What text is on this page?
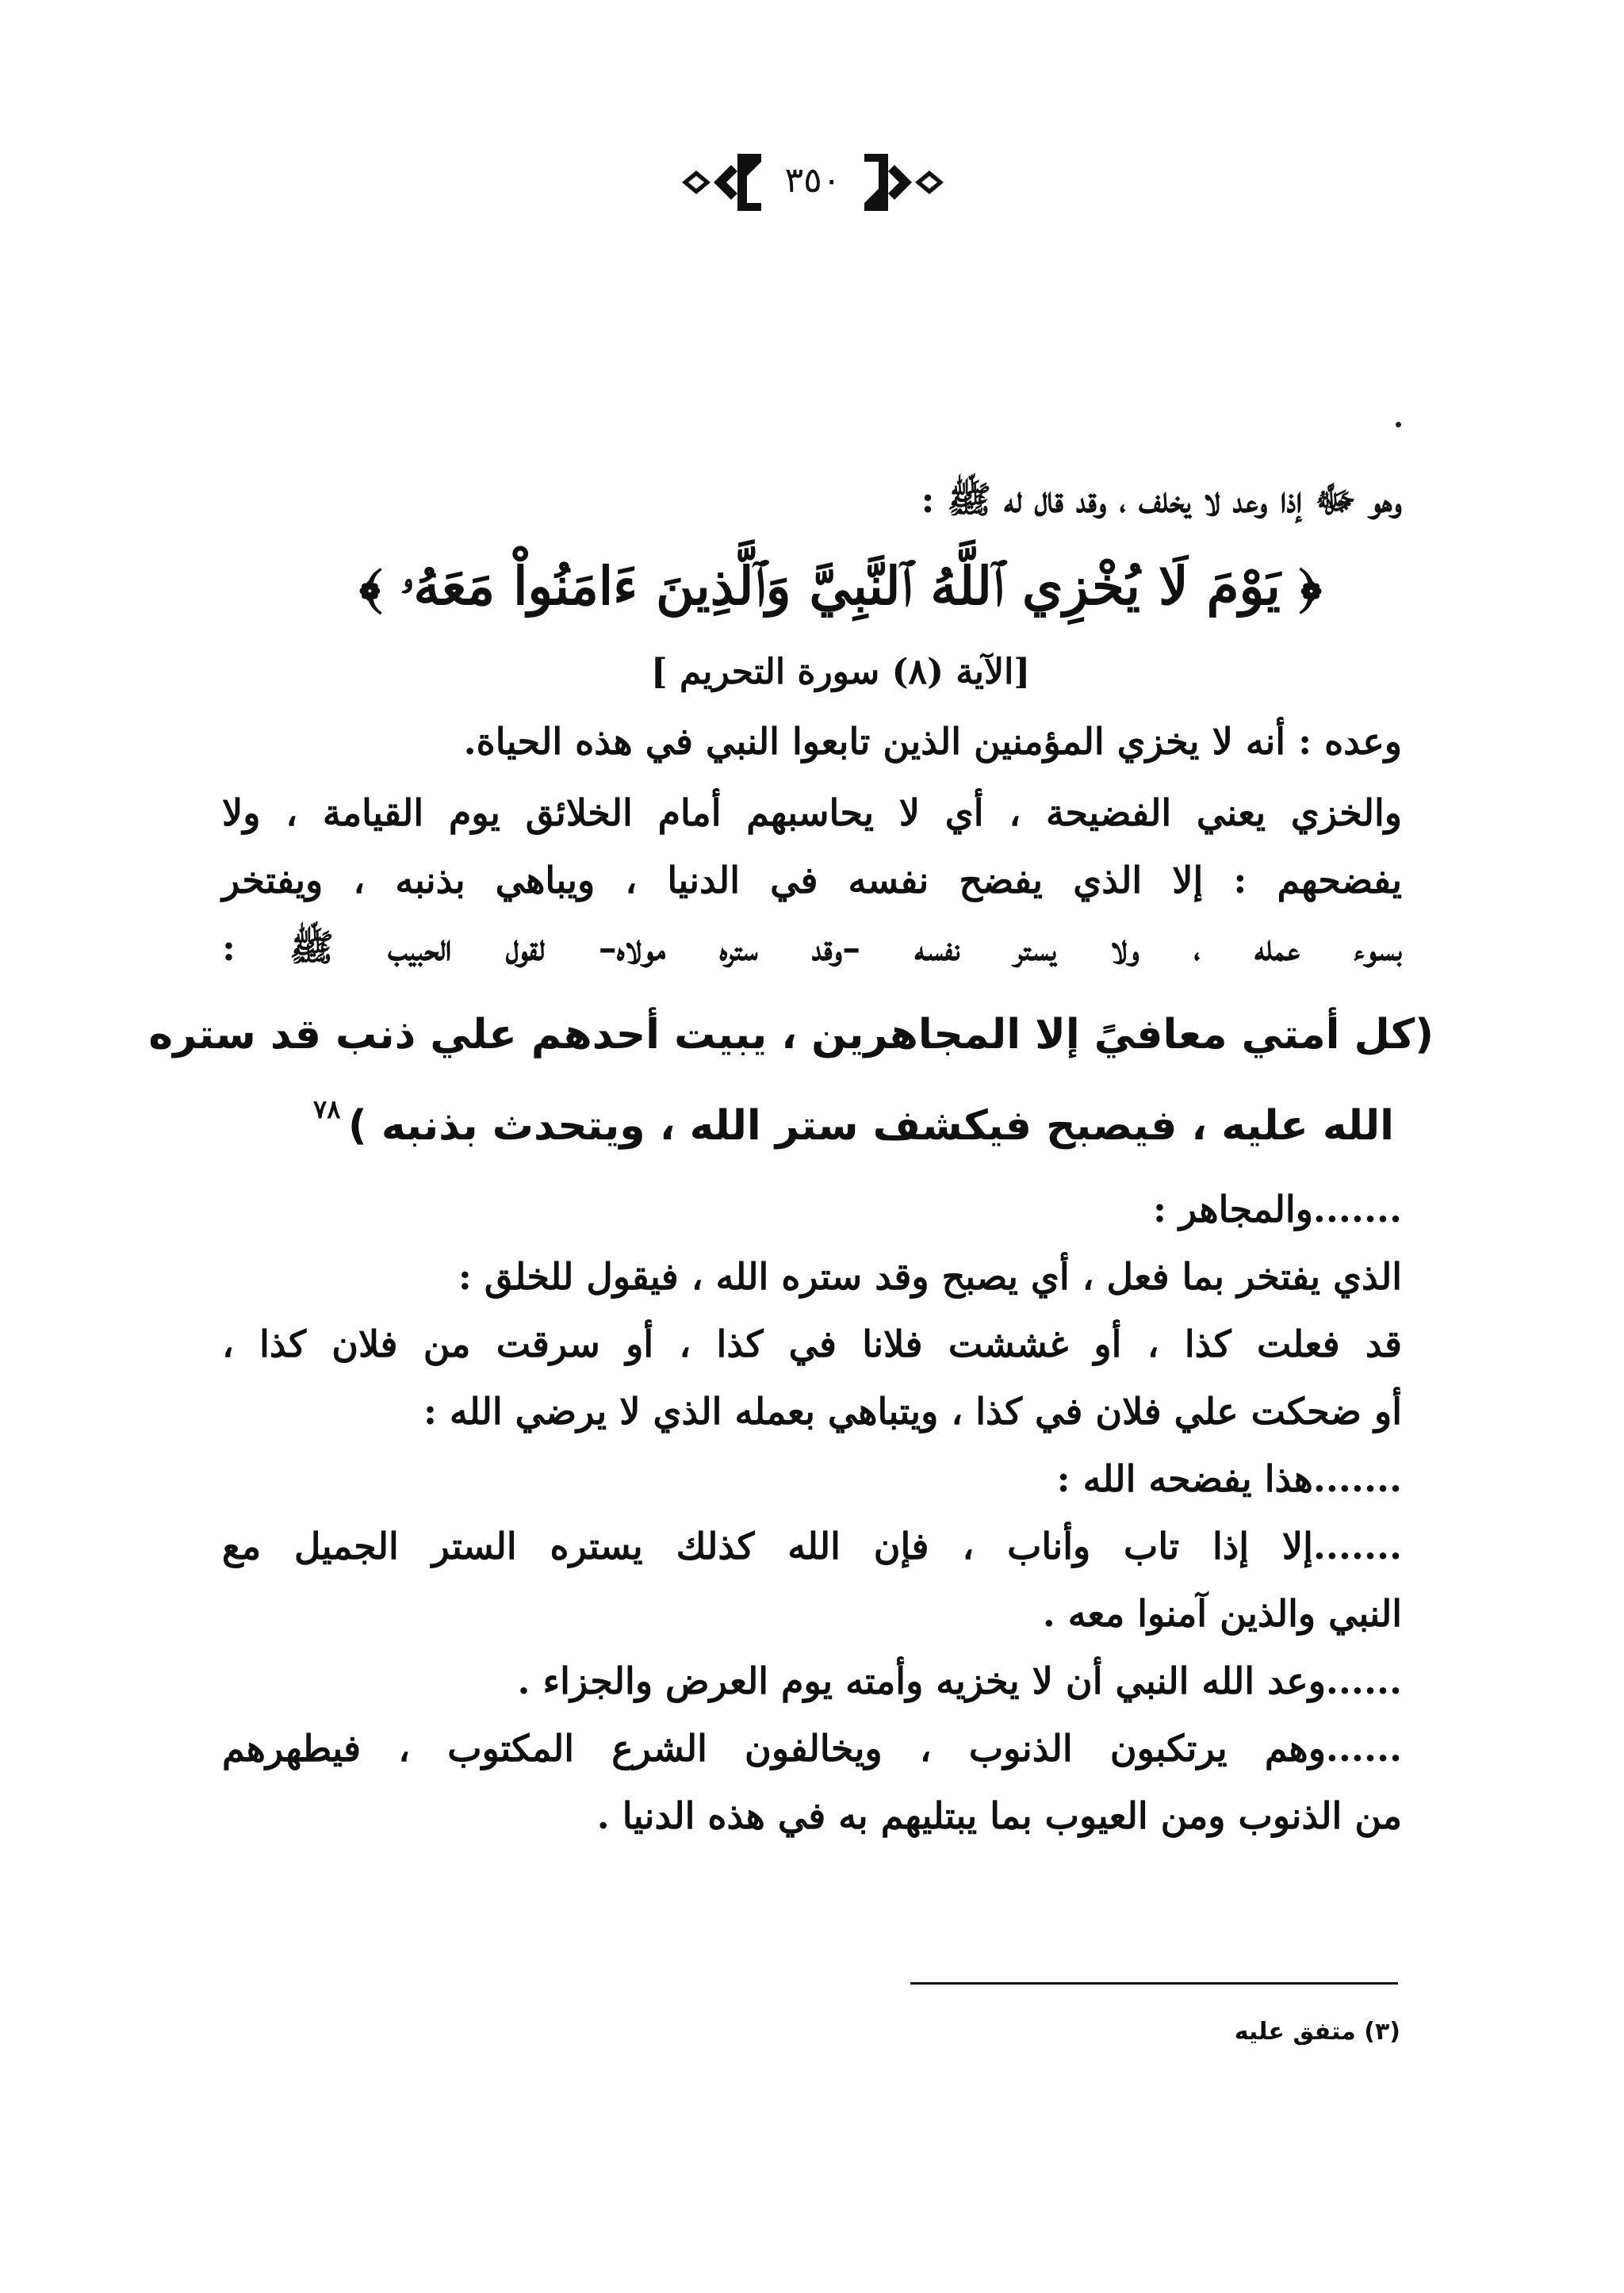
٣٥٠
وهو ﷻ إذا وعد لا يخلف ، وقد قال له ﷺ :
﴿ يَوْمَ لَا يُخْزِي ٱللَّهُ ٱلنَّبِيَّ وَٱلَّذِينَ ءَامَنُواْ مَعَهُۥ ﴾
[الآية (٨) سورة التحريم ]
وعده : أنه لا يخزي المؤمنين الذين تابعوا النبي في هذه الحياة.
والخزي يعني الفضيحة ، أي لا يحاسبهم أمام الخلائق يوم القيامة ، ولا
يفضحهم : إلا الذي يفضح نفسه في الدنيا ، ويباهي بذنبه ، ويفتخر
بسوء عمله ، ولا يستر نفسه –وقد ستره مولاه– لقول الحبيب ﷺ :
(كل أمتي معافيً إلا المجاهرين ، يبيت أحدهم علي ذنب قد ستره
الله عليه ، فيصبح فيكشف ستر الله ، ويتحدث بذنبه )
٧٨
.......والمجاهر :
الذي يفتخر بما فعل ، أي يصبح وقد ستره الله ، فيقول للخلق :
قد فعلت كذا ، أو غششت فلانا في كذا ، أو سرقت من فلان كذا ،
أو ضحكت علي فلان في كذا ، ويتباهي بعمله الذي لا يرضي الله :
.......هذا يفضحه الله :
.......إلا إذا تاب وأناب ، فإن الله كذلك يستره الستر الجميل مع
النبي والذين آمنوا معه .
......وعد الله النبي أن لا يخزيه وأمته يوم العرض والجزاء .
......وهم يرتكبون الذنوب ، ويخالفون الشرع المكتوب ، فيطهرهم
من الذنوب ومن العيوب بما يبتليهم به في هذه الدنيا .
(٣) متفق عليه
